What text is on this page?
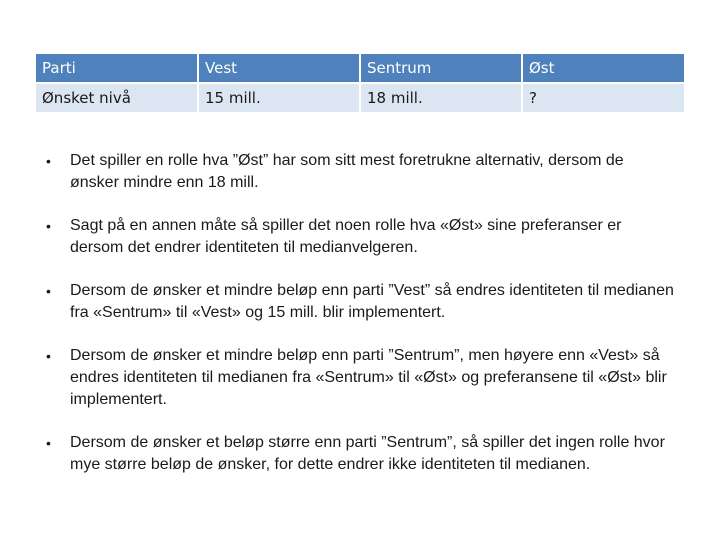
Parti	Vest	Sentrum	Øst
Ønsket nivå	15 mill.	18 mill.	?
• Det spiller en rolle hva ”Øst” har som sitt mest foretrukne alternativ, dersom de ønsker mindre enn 18 mill.
• Sagt på en annen måte så spiller det noen rolle hva «Øst» sine preferanser er dersom det endrer identiteten til medianvelgeren.
• Dersom de ønsker et mindre beløp enn parti ”Vest” så endres identiteten til medianen fra «Sentrum» til «Vest» og 15 mill. blir implementert.
• Dersom de ønsker et mindre beløp enn parti ”Sentrum”, men høyere enn «Vest» så endres identiteten til medianen fra «Sentrum» til «Øst» og preferansene til «Øst» blir implementert.
• Dersom de ønsker et beløp større enn parti ”Sentrum”, så spiller det ingen rolle hvor mye større beløp de ønsker, for dette endrer ikke identiteten til medianen.
